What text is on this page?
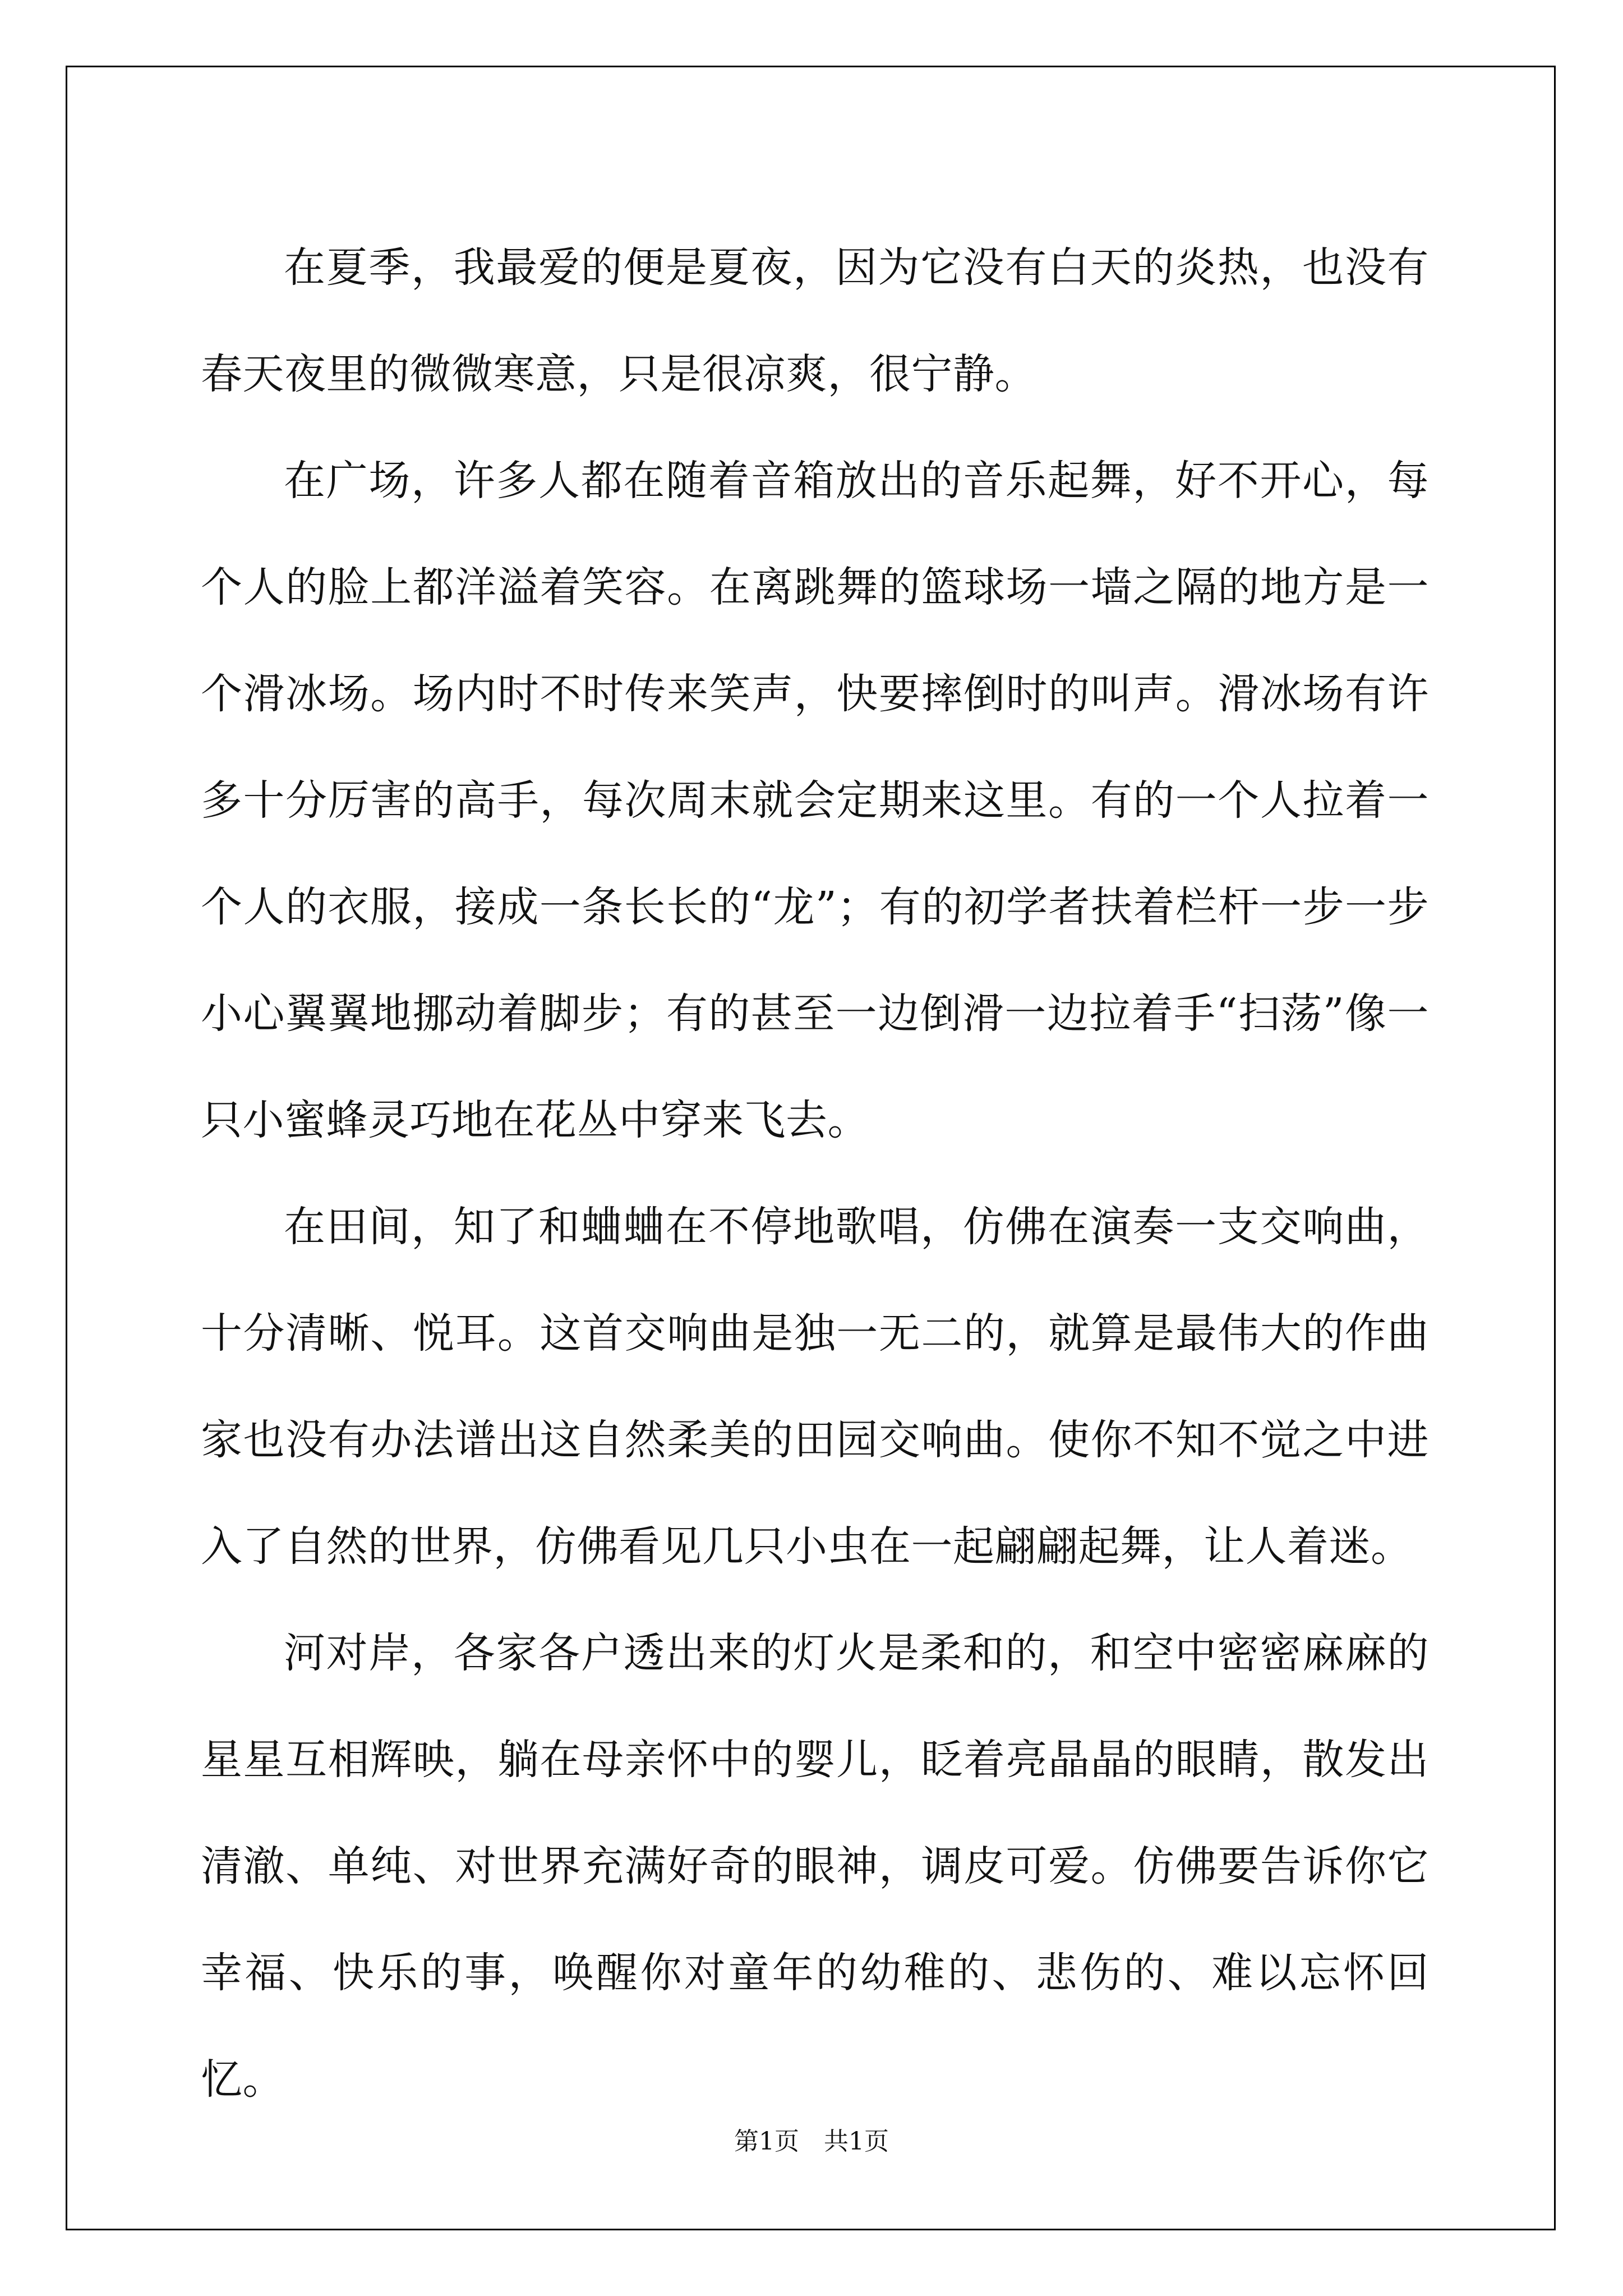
在夏季，我最爱的便是夏夜，因为它没有白天的炎热，也没有春天夜里的微微寒意，只是很凉爽，很宁静。

在广场，许多人都在随着音箱放出的音乐起舞，好不开心，每个人的脸上都洋溢着笑容。在离跳舞的篮球场一墙之隔的地方是一个滑冰场。场内时不时传来笑声，快要摔倒时的叫声。滑冰场有许多十分厉害的高手，每次周末就会定期来这里。有的一个人拉着一个人的衣服，接成一条长长的“龙”；有的初学者扶着栏杆一步一步小心翼翼地挪动着脚步；有的甚至一边倒滑一边拉着手“扫荡”像一只小蜜蜂灵巧地在花丛中穿来飞去。

在田间，知了和蛐蛐在不停地歌唱，仿佛在演奏一支交响曲，十分清晰、悦耳。这首交响曲是独一无二的，就算是最伟大的作曲家也没有办法谱出这自然柔美的田园交响曲。使你不知不觉之中进入了自然的世界，仿佛看见几只小虫在一起翩翩起舞，让人着迷。

河对岸，各家各户透出来的灯火是柔和的，和空中密密麻麻的星星互相辉映，躺在母亲怀中的婴儿，眨着亮晶晶的眼睛，散发出清澈、单纯、对世界充满好奇的眼神，调皮可爱。仿佛要告诉你它幸福、快乐的事，唤醒你对童年的幼稚的、悲伤的、难以忘怀回忆。

第1页 共1页
